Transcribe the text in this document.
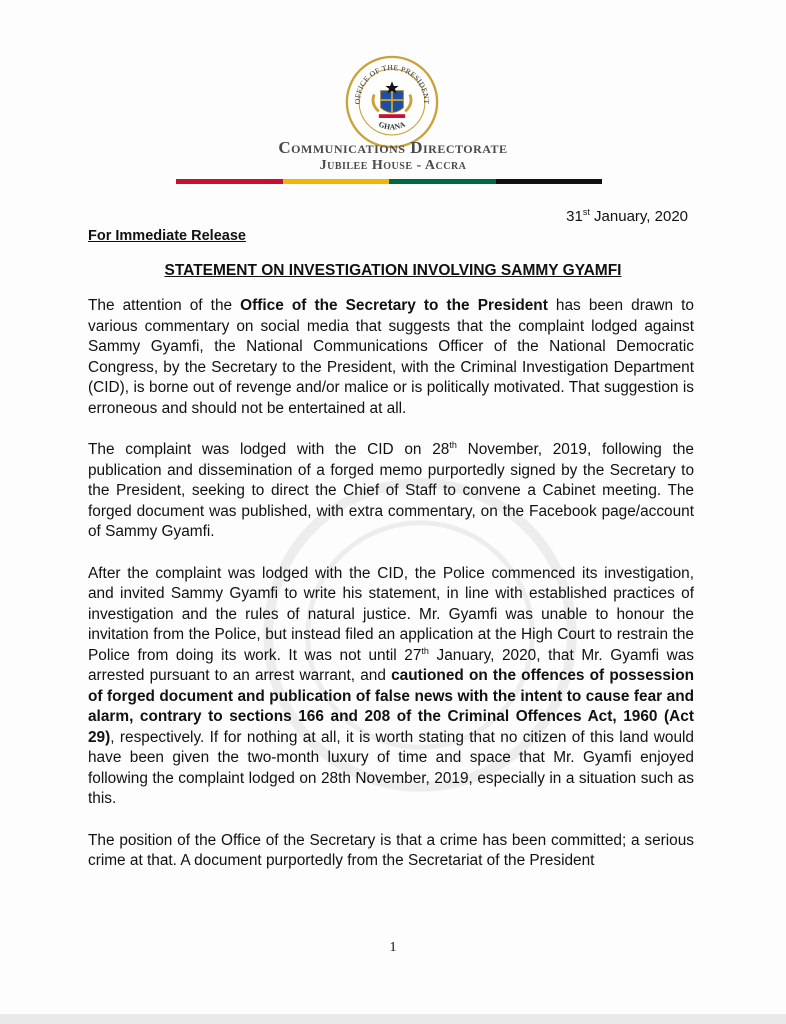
OFFICE OF THE PRESIDENT
GHANA
Communications Directorate
Jubilee House - Accra
31st January, 2020
For Immediate Release
STATEMENT ON INVESTIGATION INVOLVING SAMMY GYAMFI

The attention of the Office of the Secretary to the President has been drawn to various commentary on social media that suggests that the complaint lodged against Sammy Gyamfi, the National Communications Officer of the National Democratic Congress, by the Secretary to the President, with the Criminal Investigation Department (CID), is borne out of revenge and/or malice or is politically motivated. That suggestion is erroneous and should not be entertained at all.

The complaint was lodged with the CID on 28th November, 2019, following the publication and dissemination of a forged memo purportedly signed by the Secretary to the President, seeking to direct the Chief of Staff to convene a Cabinet meeting. The forged document was published, with extra commentary, on the Facebook page/account of Sammy Gyamfi.

After the complaint was lodged with the CID, the Police commenced its investigation, and invited Sammy Gyamfi to write his statement, in line with established practices of investigation and the rules of natural justice. Mr. Gyamfi was unable to honour the invitation from the Police, but instead filed an application at the High Court to restrain the Police from doing its work. It was not until 27th January, 2020, that Mr. Gyamfi was arrested pursuant to an arrest warrant, and cautioned on the offences of possession of forged document and publication of false news with the intent to cause fear and alarm, contrary to sections 166 and 208 of the Criminal Offences Act, 1960 (Act 29), respectively. If for nothing at all, it is worth stating that no citizen of this land would have been given the two-month luxury of time and space that Mr. Gyamfi enjoyed following the complaint lodged on 28th November, 2019, especially in a situation such as this.

The position of the Office of the Secretary is that a crime has been committed; a serious crime at that. A document purportedly from the Secretariat of the President

1
